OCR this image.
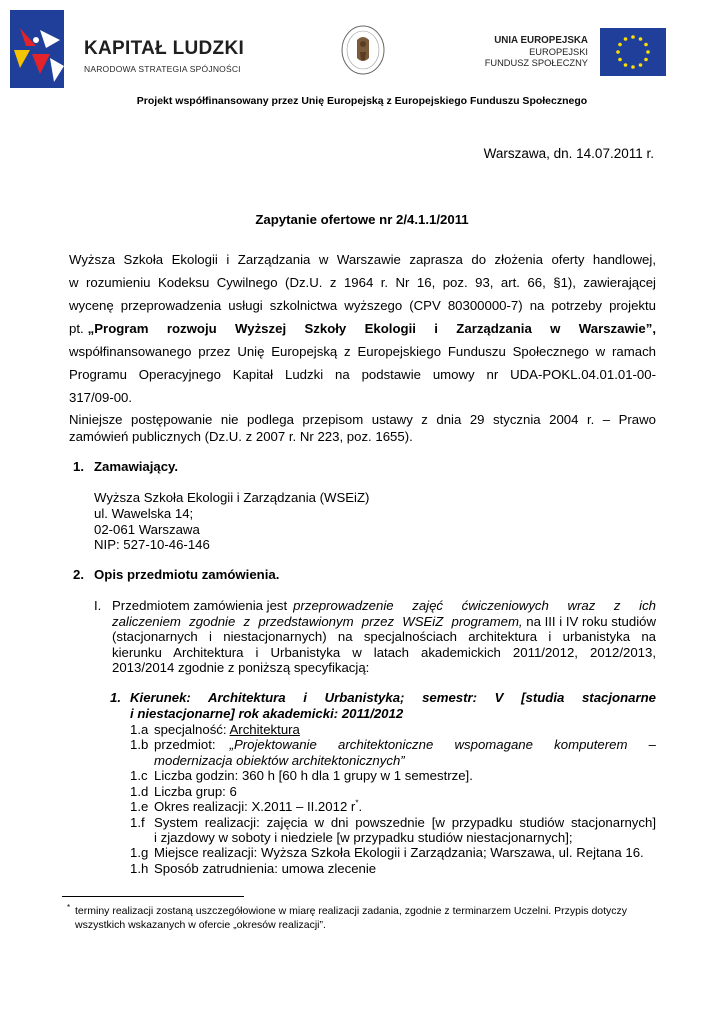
KAPITAŁ LUDZKI
NARODOWA STRATEGIA SPÓJNOŚCI
UNIA EUROPEJSKA
EUROPEJSKI
FUNDUSZ SPOŁECZNY
Projekt współfinansowany przez Unię Europejską z Europejskiego Funduszu Społecznego
Warszawa, dn. 14.07.2011 r.
Zapytanie ofertowe nr 2/4.1.1/2011
Wyższa Szkoła Ekologii i Zarządzania w Warszawie zaprasza do złożenia oferty handlowej,
w rozumieniu Kodeksu Cywilnego (Dz.U. z 1964 r. Nr 16, poz. 93, art. 66, §1), zawierającej
wycenę przeprowadzenia usługi szkolnictwa wyższego (CPV 80300000-7) na potrzeby projektu
pt. „Program rozwoju Wyższej Szkoły Ekologii i Zarządzania w Warszawie” ,
współfinansowanego przez Unię Europejską z Europejskiego Funduszu Społecznego w ramach
Programu Operacyjnego Kapitał Ludzki na podstawie umowy nr UDA-POKL.04.01.01-00-
317/09-00.
Niniejsze postępowanie nie podlega przepisom ustawy z dnia 29 stycznia 2004 r. – Prawo
zamówień publicznych (Dz.U. z 2007 r. Nr 223, poz. 1655).
1. Zamawiający.
Wyższa Szkoła Ekologii i Zarządzania (WSEiZ)
ul. Wawelska 14;
02-061 Warszawa
NIP: 527-10-46-146
2. Opis przedmiotu zamówienia.
I. Przedmiotem zamówienia jest przeprowadzenie zajęć ćwiczeniowych wraz z ich
zaliczeniem zgodnie z przedstawionym przez WSEiZ programem, na III i IV roku studiów
(stacjonarnych i niestacjonarnych) na specjalnościach architektura i urbanistyka na
kierunku Architektura i Urbanistyka w latach akademickich 2011/2012, 2012/2013,
2013/2014 zgodnie z poniższą specyfikacją:
1. Kierunek: Architektura i Urbanistyka; semestr: V [studia stacjonarne
i niestacjonarne] rok akademicki: 2011/2012
1.a specjalność: Architektura
1.b przedmiot: „Projektowanie architektoniczne wspomagane komputerem –
modernizacja obiektów architektonicznych”
1.c Liczba godzin: 360 h [60 h dla 1 grupy w 1 semestrze].
1.d Liczba grup: 6
1.e Okres realizacji: X.2011 – II.2012 r*.
1.f System realizacji: zajęcia w dni powszednie [w przypadku studiów stacjonarnych]
i zjazdowy w soboty i niedziele [w przypadku studiów niestacjonarnych];
1.g Miejsce realizacji: Wyższa Szkoła Ekologii i Zarządzania; Warszawa, ul. Rejtana 16.
1.h Sposób zatrudnienia: umowa zlecenie
* terminy realizacji zostaną uszczegółowione w miarę realizacji zadania, zgodnie z terminarzem Uczelni. Przypis dotyczy
wszystkich wskazanych w ofercie „okresów realizacji”.
